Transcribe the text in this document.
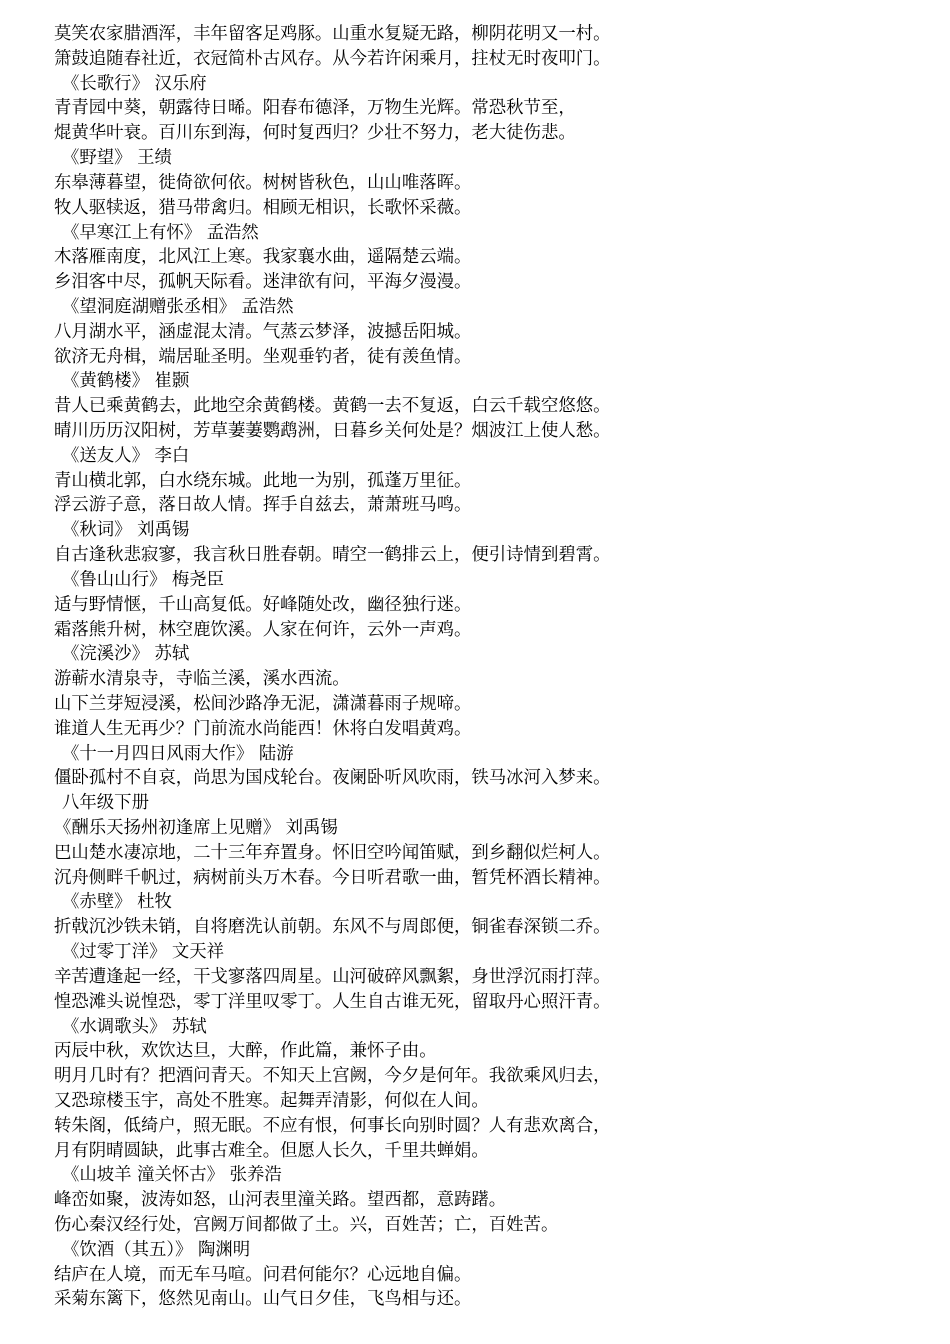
莫笑农家腊酒浑，丰年留客足鸡豚。山重水复疑无路，柳阴花明又一村。
箫鼓追随春社近，衣冠简朴古风存。从今若许闲乘月，拄杖无时夜叩门。
《长歌行》 汉乐府
青青园中葵，朝露待日晞。阳春布德泽，万物生光辉。常恐秋节至，
焜黄华叶衰。百川东到海，何时复西归？少壮不努力，老大徒伤悲。
《野望》 王绩
东皋薄暮望，徙倚欲何依。树树皆秋色，山山唯落晖。
牧人驱犊返，猎马带禽归。相顾无相识，长歌怀采薇。
《早寒江上有怀》 孟浩然
木落雁南度，北风江上寒。我家襄水曲，遥隔楚云端。
乡泪客中尽，孤帆天际看。迷津欲有问，平海夕漫漫。
《望洞庭湖赠张丞相》 孟浩然
八月湖水平，涵虚混太清。气蒸云梦泽，波撼岳阳城。
欲济无舟楫，端居耻圣明。坐观垂钓者，徒有羡鱼情。
《黄鹤楼》 崔颢
昔人已乘黄鹤去，此地空余黄鹤楼。黄鹤一去不复返，白云千载空悠悠。
晴川历历汉阳树，芳草萋萋鹦鹉洲，日暮乡关何处是？烟波江上使人愁。
《送友人》 李白
青山横北郭，白水绕东城。此地一为别，孤蓬万里征。
浮云游子意，落日故人情。挥手自兹去，萧萧班马鸣。
《秋词》 刘禹锡
自古逢秋悲寂寥，我言秋日胜春朝。晴空一鹤排云上，便引诗情到碧霄。
《鲁山山行》 梅尧臣
适与野情惬，千山高复低。好峰随处改，幽径独行迷。
霜落熊升树，林空鹿饮溪。人家在何许，云外一声鸡。
《浣溪沙》 苏轼
游蕲水清泉寺，寺临兰溪，溪水西流。
山下兰芽短浸溪，松间沙路净无泥，潇潇暮雨子规啼。
谁道人生无再少？门前流水尚能西！休将白发唱黄鸡。
《十一月四日风雨大作》 陆游
僵卧孤村不自哀，尚思为国戍轮台。夜阑卧听风吹雨，铁马冰河入梦来。
八年级下册
《酬乐天扬州初逢席上见赠》 刘禹锡
巴山楚水凄凉地，二十三年弃置身。怀旧空吟闻笛赋，到乡翻似烂柯人。
沉舟侧畔千帆过，病树前头万木春。今日听君歌一曲，暂凭杯酒长精神。
《赤壁》 杜牧
折戟沉沙铁未销，自将磨洗认前朝。东风不与周郎便，铜雀春深锁二乔。
《过零丁洋》 文天祥
辛苦遭逢起一经，干戈寥落四周星。山河破碎风飘絮，身世浮沉雨打萍。
惶恐滩头说惶恐，零丁洋里叹零丁。人生自古谁无死，留取丹心照汗青。
《水调歌头》 苏轼
丙辰中秋，欢饮达旦，大醉，作此篇，兼怀子由。
明月几时有？把酒问青天。不知天上宫阙，今夕是何年。我欲乘风归去，
又恐琼楼玉宇，高处不胜寒。起舞弄清影，何似在人间。
转朱阁，低绮户，照无眠。不应有恨，何事长向别时圆？人有悲欢离合，
月有阴晴圆缺，此事古难全。但愿人长久，千里共蝉娟。
《山坡羊 潼关怀古》 张养浩
峰峦如聚，波涛如怒，山河表里潼关路。望西都，意踌躇。
伤心秦汉经行处，宫阙万间都做了土。兴，百姓苦；亡，百姓苦。
《饮酒（其五）》 陶渊明
结庐在人境，而无车马喧。问君何能尔？心远地自偏。
采菊东篱下，悠然见南山。山气日夕佳，飞鸟相与还。
